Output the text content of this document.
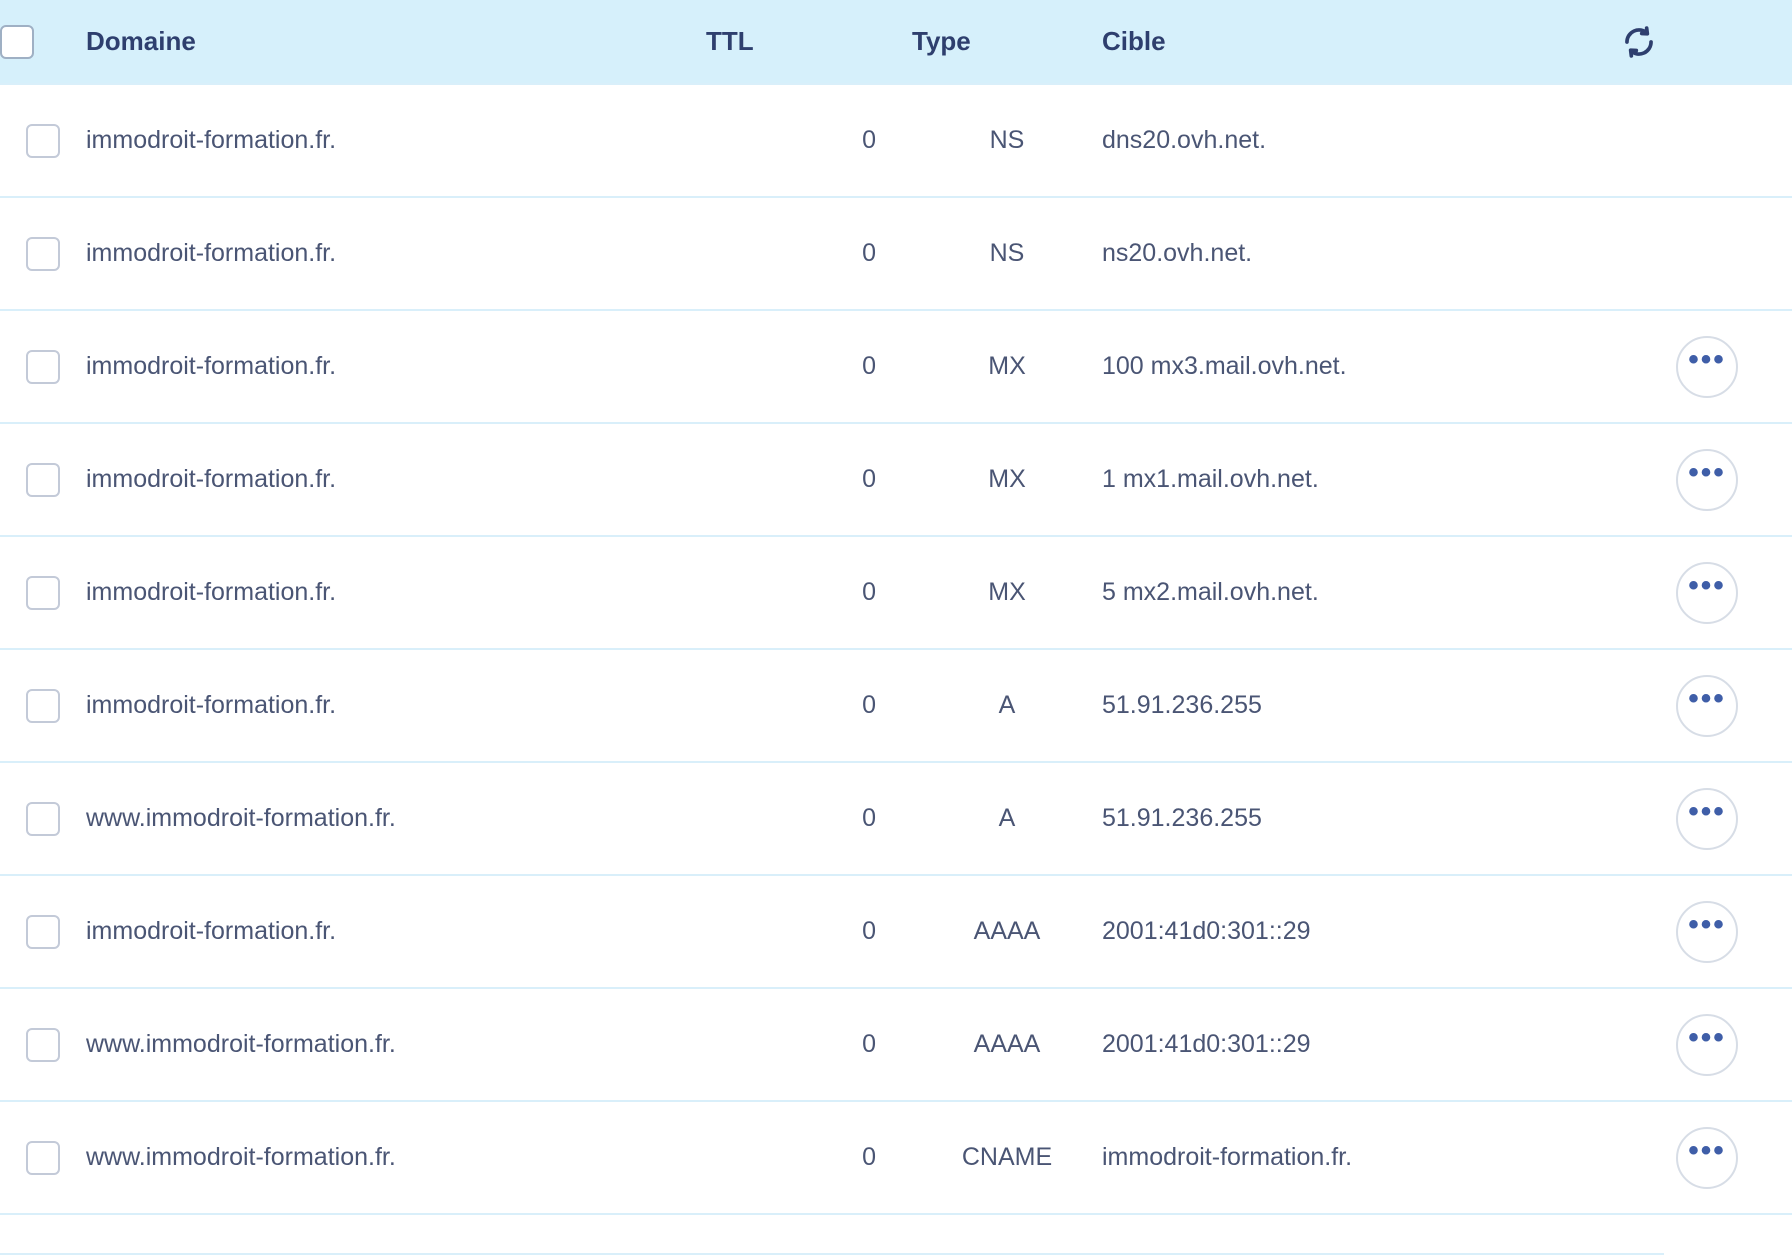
	Domaine	TTL	Type	Cible	

	immodroit-formation.fr.	0	NS	dns20.ovh.net.	
	immodroit-formation.fr.	0	NS	ns20.ovh.net.	
	immodroit-formation.fr.	0	MX	100 mx3.mail.ovh.net.	•••

	immodroit-formation.fr.	0	MX	1 mx1.mail.ovh.net.	•••

	immodroit-formation.fr.	0	MX	5 mx2.mail.ovh.net.	•••

	immodroit-formation.fr.	0	A	51.91.236.255	•••

	www.immodroit-formation.fr.	0	A	51.91.236.255	•••

	immodroit-formation.fr.	0	AAAA	2001:41d0:301::29	•••

	www.immodroit-formation.fr.	0	AAAA	2001:41d0:301::29	•••

	www.immodroit-formation.fr.	0	CNAME	immodroit-formation.fr.	•••
